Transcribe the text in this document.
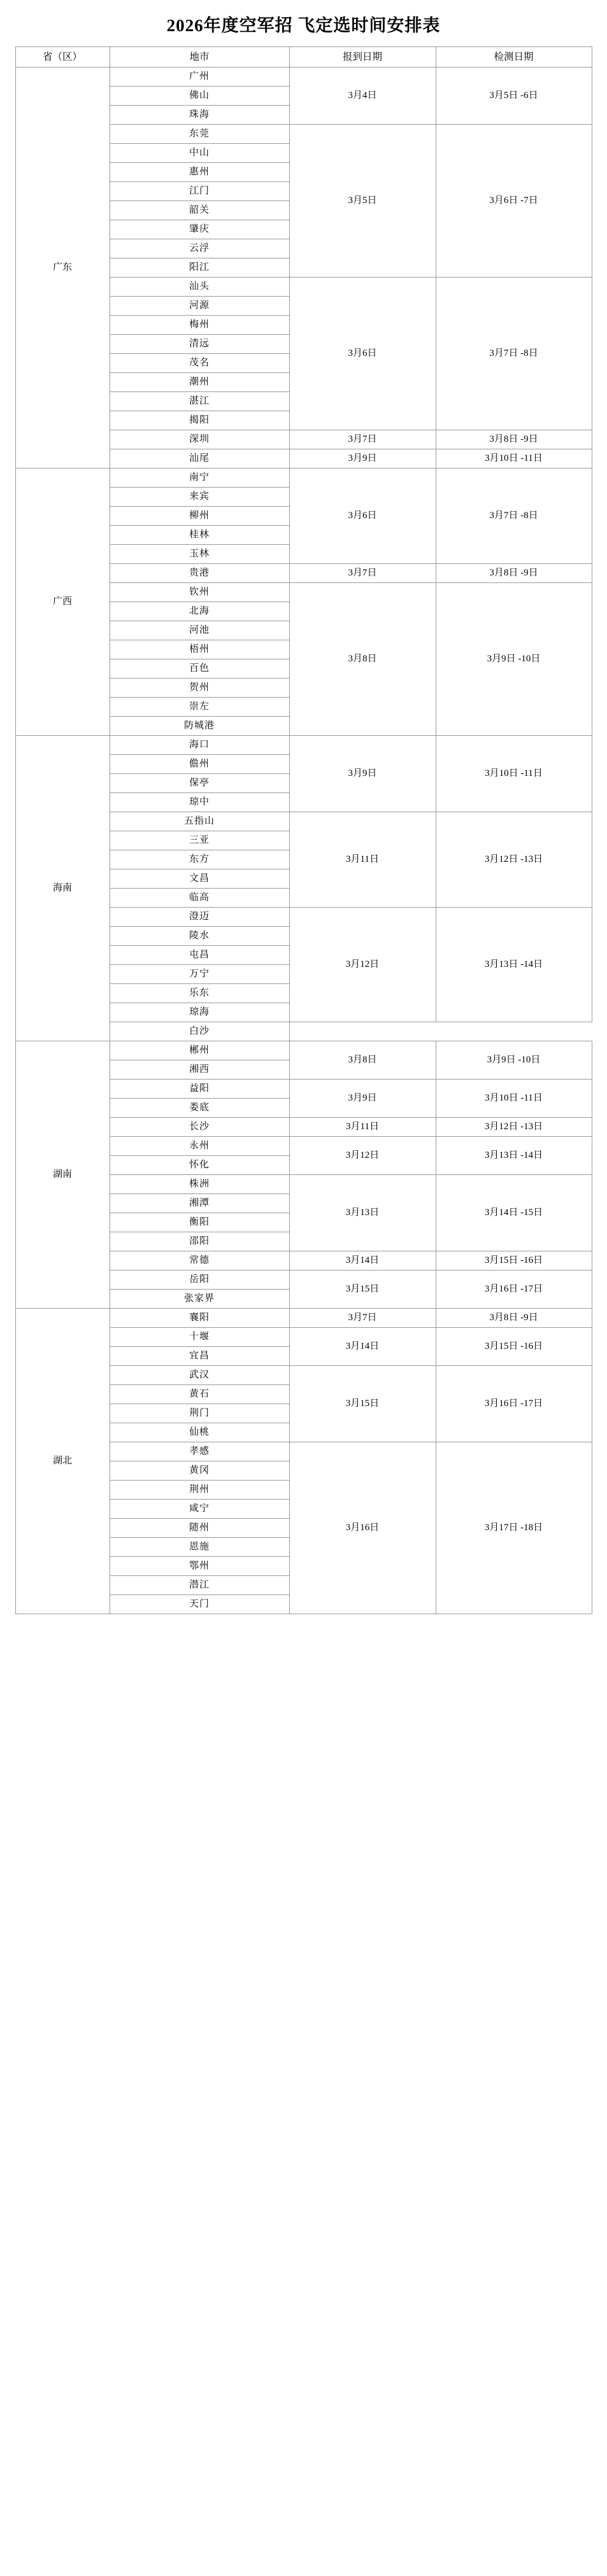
2026年度空军招 飞定选时间安排表
省（区）	地市	报到日期	检测日期
广东	广州	3月4日	3月5日 -6日
	佛山		
	珠海		
	东莞	3月5日	3月6日 -7日
	中山		
	惠州		
	江门		
	韶关		
	肇庆		
	云浮		
	阳江		
	汕头	3月6日	3月7日 -8日
	河源		
	梅州		
	清远		
	茂名		
	潮州		
	湛江		
	揭阳		
	深圳	3月7日	3月8日 -9日
	汕尾	3月9日	3月10日 -11日
广西	南宁	3月6日	3月7日 -8日
	来宾		
	柳州		
	桂林		
	玉林		
	贵港	3月7日	3月8日 -9日
	钦州	3月8日	3月9日 -10日
	北海		
	河池		
	梧州		
	百色		
	贺州		
	崇左		
	防城港		
海南	海口	3月9日	3月10日 -11日
	儋州		
	保亭		
	琼中		
	五指山	3月11日	3月12日 -13日
	三亚		
	东方		
	文昌		
	临高		
	澄迈	3月12日	3月13日 -14日
	陵水		
	屯昌		
	万宁		
	乐东		
	琼海		
	白沙		
湖南	郴州	3月8日	3月9日 -10日
	湘西		
	益阳	3月9日	3月10日 -11日
	娄底		
	长沙	3月11日	3月12日 -13日
	永州	3月12日	3月13日 -14日
	怀化		
	株洲	3月13日	3月14日 -15日
	湘潭		
	衡阳		
	邵阳		
	常德	3月14日	3月15日 -16日
	岳阳	3月15日	3月16日 -17日
	张家界		
湖北	襄阳	3月7日	3月8日 -9日
	十堰	3月14日	3月15日 -16日
	宜昌		
	武汉	3月15日	3月16日 -17日
	黄石		
	荆门		
	仙桃		
	孝感	3月16日	3月17日 -18日
	黄冈		
	荆州		
	咸宁		
	随州		
	恩施		
	鄂州		
	潜江		
	天门		
